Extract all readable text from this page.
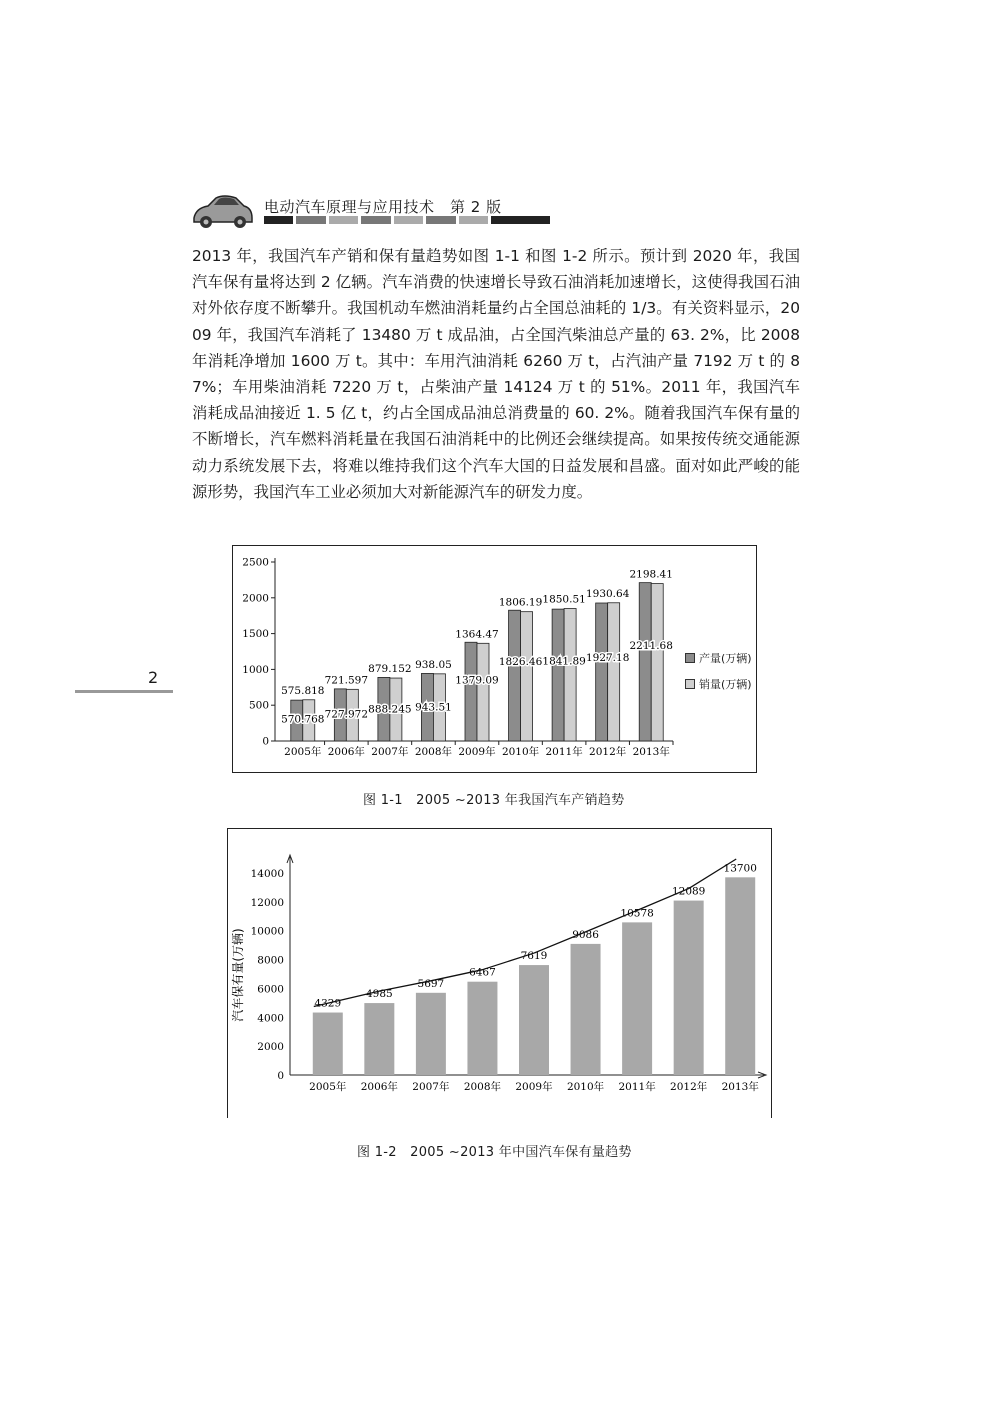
电动汽车原理与应用技术　第 2 版
2013 年，我国汽车产销和保有量趋势如图 1-1 和图 1-2 所示。预计到 2020 年，我国汽车保有量将达到 2 亿辆。汽车消费的快速增长导致石油消耗加速增长，这使得我国石油对外依存度不断攀升。我国机动车燃油消耗量约占全国总油耗的 1/3。有关资料显示，2009 年，我国汽车消耗了 13480 万 t 成品油，占全国汽柴油总产量的 63. 2%，比 2008 年消耗净增加 1600 万 t。其中：车用汽油消耗 6260 万 t，占汽油产量 7192 万 t 的 87%；车用柴油消耗 7220 万 t，占柴油产量 14124 万 t 的 51%。2011 年，我国汽车消耗成品油接近 1. 5 亿 t，约占全国成品油总消费量的 60. 2%。随着我国汽车保有量的不断增长，汽车燃料消耗量在我国石油消耗中的比例还会继续提高。如果按传统交通能源动力系统发展下去，将难以维持我们这个汽车大国的日益发展和昌盛。面对如此严峻的能源形势，我国汽车工业必须加大对新能源汽车的研发力度。
2
0
500
1000
1500
2000
2500
570.768
575.818
2005年
727.972
721.597
2006年
888.245
879.152
2007年
943.51
938.05
2008年
1379.09
1364.47
2009年
1826.46
1806.19
2010年
1841.89
1850.51
2011年
1927.18
1930.64
2012年
2211.68
2198.41
2013年
产量(万辆)
销量(万辆)
图 1-1　2005 ~2013 年我国汽车产销趋势
0
2000
4000
6000
8000
10000
12000
14000
汽车保有量(万辆)	4329
2005年
4985
2006年
5697
2007年
6467
2008年
7619
2009年
9086
2010年
10578
2011年
12089
2012年
13700
2013年
图 1-2　2005 ~2013 年中国汽车保有量趋势
